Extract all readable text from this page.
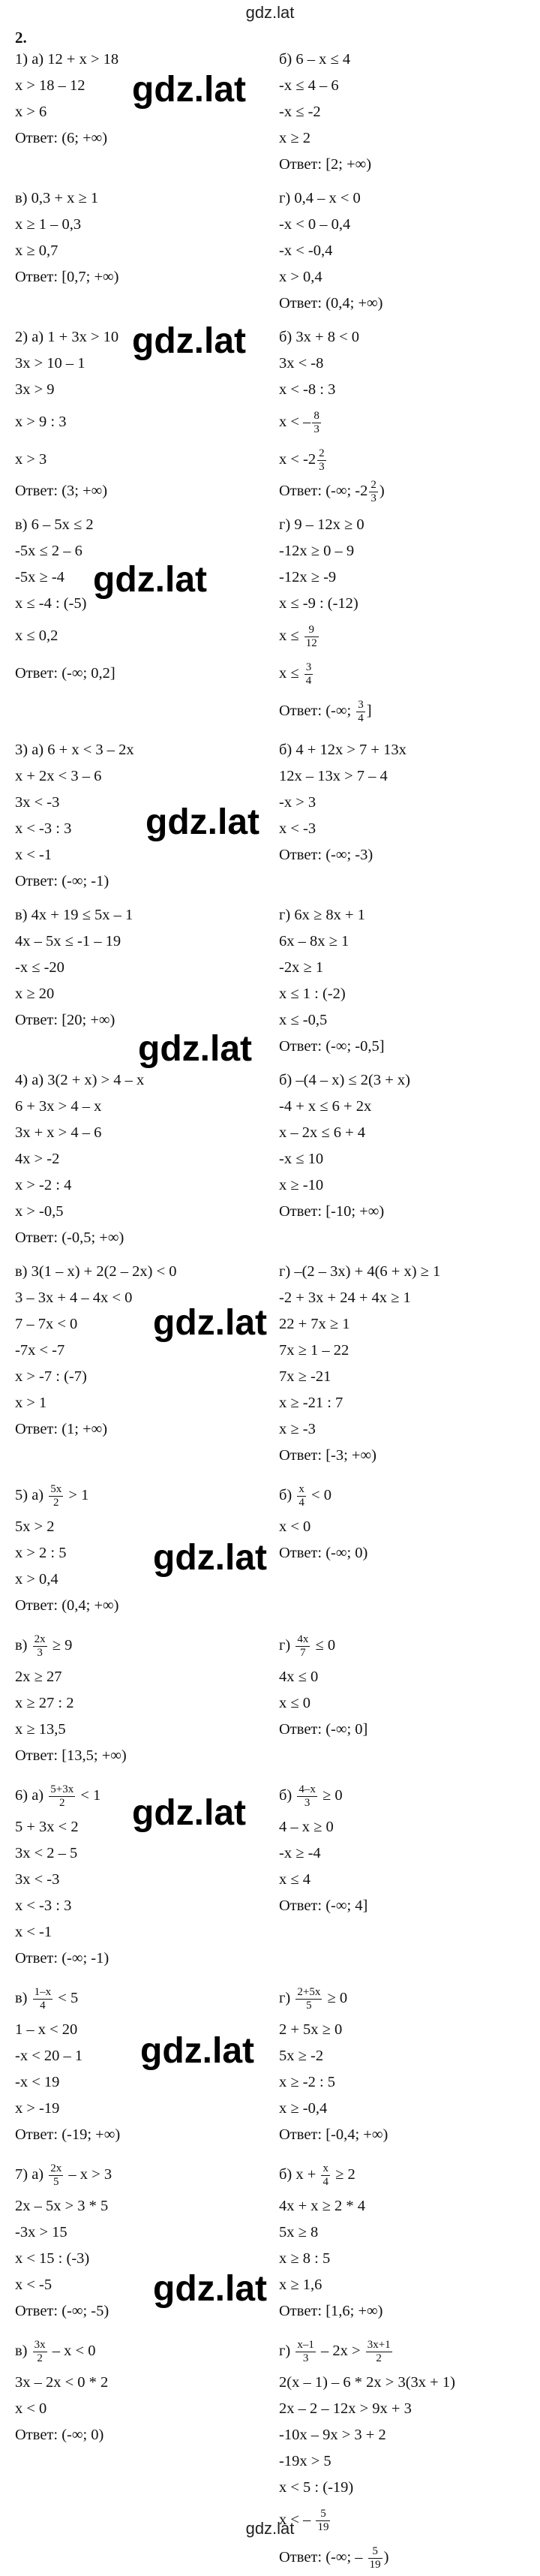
gdz.lat
2.
1) а) 12 + x > 18
x > 18 – 12
x > 6
Ответ: (6; +∞)
б) 6 – x ≤ 4
-x ≤ 4 – 6
-x ≤ -2
x ≥ 2
Ответ: [2; +∞)
в) 0,3 + x ≥ 1
x ≥ 1 – 0,3
x ≥ 0,7
Ответ: [0,7; +∞)
г) 0,4 – x < 0
-x < 0 – 0,4
-x < -0,4
x > 0,4
Ответ: (0,4; +∞)
2) а) 1 + 3x > 10
3x > 10 – 1
3x > 9
x > 9 : 3
x > 3
Ответ: (3; +∞)
б) 3x + 8 < 0
3x < -8
x < -8 : 3
x < – $\frac{8}{3}$
$x < -2 \frac{2}{3}$
Ответ: (-∞; $-2 \frac{2}{3}$ )
в) 6 – 5x ≤ 2
-5x ≤ 2 – 6
-5x ≥ -4
x ≤ -4 : (-5)
x ≤ 0,2
Ответ: (-∞; 0,2]
г) 9 – 12x ≥ 0
-12x ≥ 0 – 9
-12x ≥ -9
x ≤ -9 : (-12)
$x \le \frac{9}{12}$
$x \le \frac{3}{4}$
Ответ: (-∞; $\frac{3}{4}$ ]
3) а) 6 + x < 3 – 2x
x + 2x < 3 – 6
3x < -3
x < -3 : 3
x < -1
Ответ: (-∞; -1)
б) 4 + 12x > 7 + 13x
12x – 13x > 7 – 4
-x > 3
x < -3
Ответ: (-∞; -3)
в) 4x + 19 ≤ 5x – 1
4x – 5x ≤ -1 – 19
-x ≤ -20
x ≥ 20
Ответ: [20; +∞)
г) 6x ≥ 8x + 1
6x – 8x ≥ 1
-2x ≥ 1
x ≤ 1 : (-2)
x ≤ -0,5
Ответ: (-∞; -0,5]
4) а) 3(2 + x) > 4 – x
6 + 3x > 4 – x
3x + x > 4 – 6
4x > -2
x > -2 : 4
x > -0,5
Ответ: (-0,5; +∞)
б) –(4 – x) ≤ 2(3 + x)
-4 + x ≤ 6 + 2x
x – 2x ≤ 6 + 4
-x ≤ 10
x ≥ -10
Ответ: [-10; +∞)
в) 3(1 – x) + 2(2 – 2x) < 0
3 – 3x + 4 – 4x < 0
7 – 7x < 0
-7x < -7
x > -7 : (-7)
x > 1
Ответ: (1; +∞)
г) –(2 – 3x) + 4(6 + x) ≥ 1
-2 + 3x + 24 + 4x ≥ 1
22 + 7x ≥ 1
7x ≥ 1 – 22
7x ≥ -21
x ≥ -21 : 7
x ≥ -3
Ответ: [-3; +∞)
5) $а) \frac{5x}{2} > 1$
5x > 2
x > 2 : 5
x > 0,4
Ответ: (0,4; +∞)
$б) \frac{x}{4} < 0$
x < 0
Ответ: (-∞; 0)
$в) \frac{2x}{3} \ge 9$
2x ≥ 27
x ≥ 27 : 2
x ≥ 13,5
Ответ: [13,5; +∞)
$г) \frac{4x}{7} \le 0$
4x ≤ 0
x ≤ 0
Ответ: (-∞; 0]
6) $а) \frac{5+3x}{2} < 1$
5 + 3x < 2
3x < 2 – 5
3x < -3
x < -3 : 3
x < -1
Ответ: (-∞; -1)
$б) \frac{4-x}{3} \ge 0$
4 – x ≥ 0
-x ≥ -4
x ≤ 4
Ответ: (-∞; 4]
$в) \frac{1-x}{4} < 5$
1 – x < 20
-x < 20 – 1
-x < 19
x > -19
Ответ: (-19; +∞)
$г) \frac{2+5x}{5} \ge 0$
2 + 5x ≥ 0
5x ≥ -2
x ≥ -2 : 5
x ≥ -0,4
Ответ: [-0,4; +∞)
7) $а) \frac{2x}{5} - x > 3$
2x – 5x > 3 * 5
-3x > 15
x < 15 : (-3)
x < -5
Ответ: (-∞; -5)
б) $x + \frac{x}{4} \ge 2$
4x + x ≥ 2 * 4
5x ≥ 8
x ≥ 8 : 5
x ≥ 1,6
Ответ: [1,6; +∞)
$в) \frac{3x}{2} - x < 0$
3x – 2x < 0 * 2
x < 0
Ответ: (-∞; 0)
$г) \frac{x-1}{3} - 2x > \frac{3x+1}{2}$
2(x – 1) – 6 * 2x > 3(3x + 1)
2x – 2 – 12x > 9x + 3
-10x – 9x > 3 + 2
-19x > 5
x < 5 : (-19)
x < – $\frac{5}{19}$
Ответ: (-∞; – $\frac{5}{19}$ )
gdz.lat
gdz.lat
gdz.lat
gdz.lat
gdz.lat
gdz.lat
gdz.lat
gdz.lat
gdz.lat
gdz.lat
gdz.lat
